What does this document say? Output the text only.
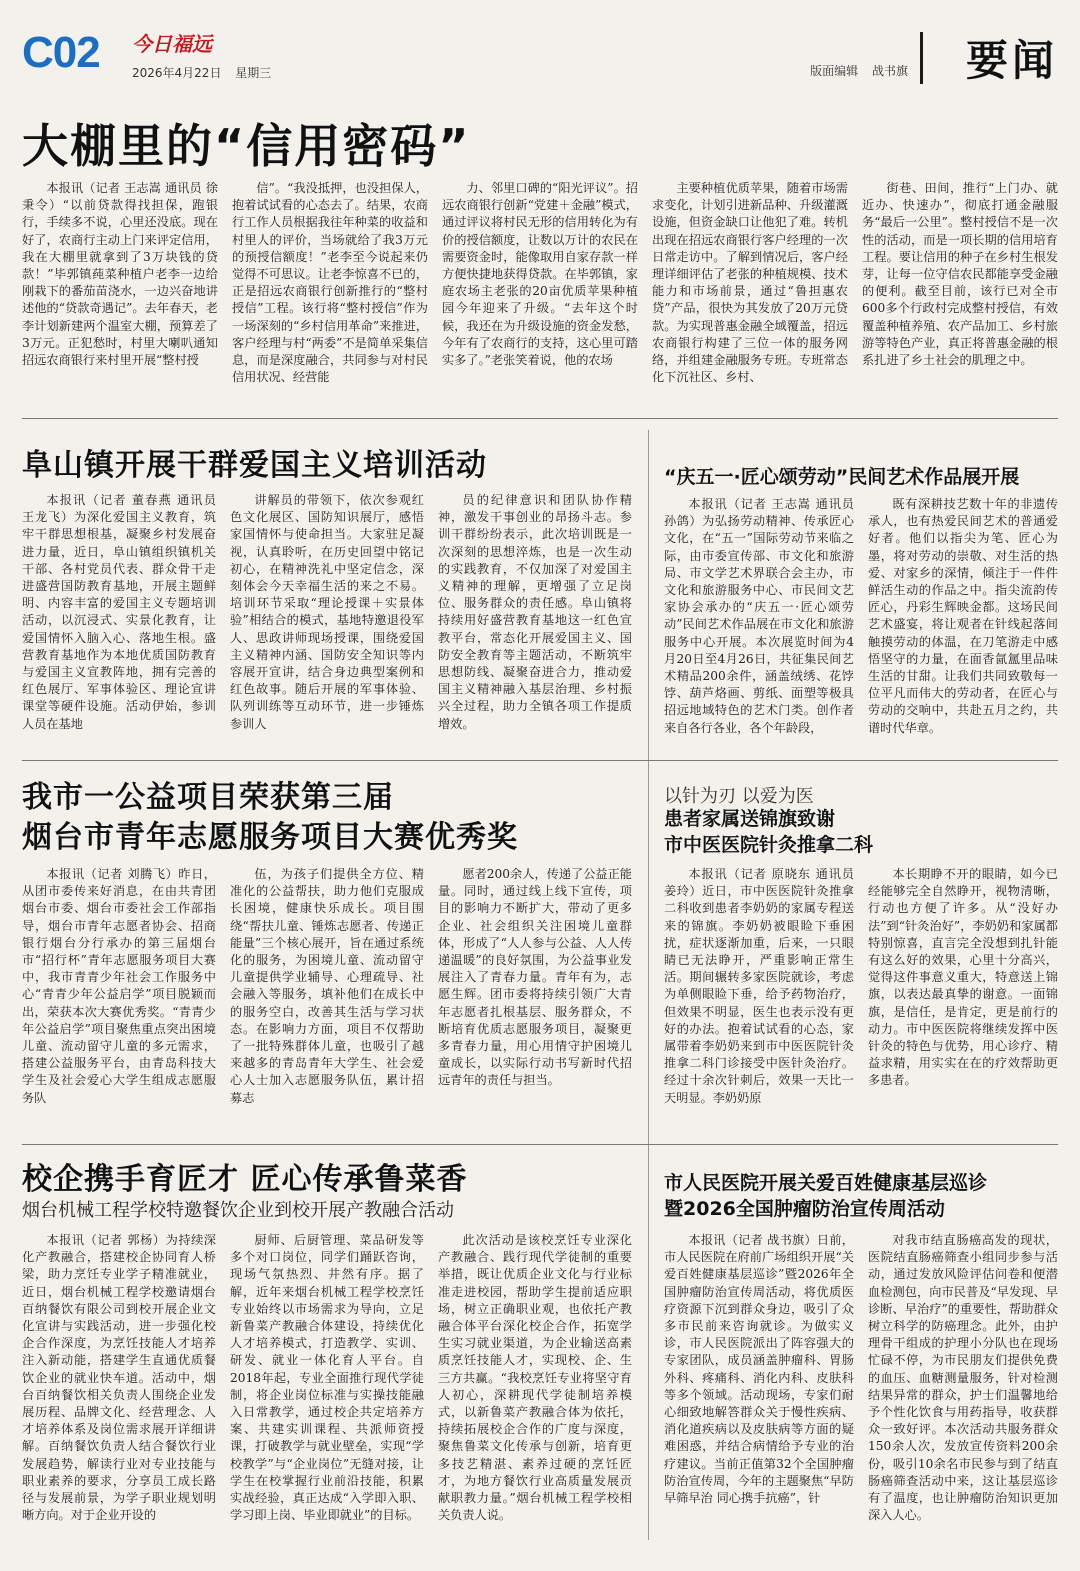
C02 今日福远
2026年4月22日 星期三	版面编辑 战书旗 要闻
大棚里的“信用密码”

本报讯（记者 王志嵩 通讯员 徐秉令）“以前贷款得找担保，跑银行，手续多不说，心里还没底。现在好了，农商行主动上门来评定信用，我在大棚里就拿到了3万块钱的贷款！”毕郭镇莼菜种植户老李一边给刚栽下的番茄苗浇水，一边兴奋地讲述他的“贷款奇遇记”。去年春天，老李计划新建两个温室大棚，预算差了3万元。正犯愁时，村里大喇叭通知招远农商银行来村里开展“整村授

信”。“我没抵押，也没担保人，抱着试试看的心态去了。结果，农商行工作人员根据我往年种菜的收益和村里人的评价，当场就给了我3万元的预授信额度！”老李至今说起来仍觉得不可思议。让老李惊喜不已的，正是招远农商银行创新推行的“整村授信”工程。该行将“整村授信”作为一场深刻的“乡村信用革命”来推进，客户经理与村“两委”不是简单采集信息，而是深度融合，共同参与对村民信用状况、经营能

力、邻里口碑的“阳光评议”。招远农商银行创新“党建＋金融”模式，通过评议将村民无形的信用转化为有价的授信额度，让数以万计的农民在需要资金时，能像取用自家存款一样方便快捷地获得贷款。在毕郭镇，家庭农场主老张的20亩优质苹果种植园今年迎来了升级。“去年这个时候，我还在为升级设施的资金发愁，今年有了农商行的支持，这心里可踏实多了。”老张笑着说，他的农场

主要种植优质苹果，随着市场需求变化，计划引进新品种、升级灌溉设施，但资金缺口让他犯了难。转机出现在招远农商银行客户经理的一次日常走访中。了解到情况后，客户经理详细评估了老张的种植规模、技术能力和市场前景，通过“鲁担惠农贷”产品，很快为其发放了20万元贷款。为实现普惠金融全域覆盖，招远农商银行构建了三位一体的服务网络，并组建金融服务专班。专班常态化下沉社区、乡村、

街巷、田间，推行“上门办、就近办、快速办”，彻底打通金融服务“最后一公里”。整村授信不是一次性的活动，而是一项长期的信用培育工程。要让信用的种子在乡村生根发芽，让每一位守信农民都能享受金融的便利。截至目前，该行已对全市600多个行政村完成整村授信，有效覆盖种植养殖、农产品加工、乡村旅游等特色产业，真正将普惠金融的根系扎进了乡土社会的肌理之中。

阜山镇开展干群爱国主义培训活动

本报讯（记者 董春燕 通讯员 王龙飞）为深化爱国主义教育，筑牢干群思想根基，凝聚乡村发展奋进力量，近日，阜山镇组织镇机关干部、各村党员代表、群众骨干走进盛营国防教育基地，开展主题鲜明、内容丰富的爱国主义专题培训活动，以沉浸式、实景化教育，让爱国情怀入脑入心、落地生根。盛营教育基地作为本地优质国防教育与爱国主义宣教阵地，拥有完善的红色展厅、军事体验区、理论宣讲课堂等硬件设施。活动伊始，参训人员在基地

讲解员的带领下，依次参观红色文化展区、国防知识展厅，感悟家国情怀与使命担当。大家驻足凝视，认真聆听，在历史回望中铭记初心，在精神洗礼中坚定信念，深刻体会今天幸福生活的来之不易。培训环节采取“理论授课＋实景体验”相结合的模式，基地特邀退役军人、思政讲师现场授课，围绕爱国主义精神内涵、国防安全知识等内容展开宣讲，结合身边典型案例和红色故事。随后开展的军事体验、队列训练等互动环节，进一步锤炼参训人

员的纪律意识和团队协作精神，激发干事创业的昂扬斗志。参训干群纷纷表示，此次培训既是一次深刻的思想淬炼，也是一次生动的实践教育，不仅加深了对爱国主义精神的理解，更增强了立足岗位、服务群众的责任感。阜山镇将持续用好盛营教育基地这一红色宣教平台，常态化开展爱国主义、国防安全教育等主题活动，不断筑牢思想防线、凝聚奋进合力，推动爱国主义精神融入基层治理、乡村振兴全过程，助力全镇各项工作提质增效。

“庆五一·匠心颂劳动”民间艺术作品展开展

本报讯（记者 王志嵩 通讯员 孙鸽）为弘扬劳动精神、传承匠心文化，在“五一”国际劳动节来临之际，由市委宣传部、市文化和旅游局、市文学艺术界联合会主办，市文化和旅游服务中心、市民间文艺家协会承办的“庆五一·匠心颂劳动”民间艺术作品展在市文化和旅游服务中心开展。本次展览时间为4月20日至4月26日，共征集民间艺术精品200余件，涵盖绒绣、花饽饽、葫芦烙画、剪纸、面塑等极具招远地域特色的艺术门类。创作者来自各行各业，各个年龄段，

既有深耕技艺数十年的非遗传承人，也有热爱民间艺术的普通爱好者。他们以指尖为笔、匠心为墨，将对劳动的崇敬、对生活的热爱、对家乡的深情，倾注于一件件鲜活生动的作品之中。指尖流韵传匠心，丹彩生辉映金都。这场民间艺术盛宴，将让观者在针线起落间触摸劳动的体温，在刀笔游走中感悟坚守的力量，在面香氤氲里品味生活的甘甜。让我们共同致敬每一位平凡而伟大的劳动者，在匠心与劳动的交响中，共赴五月之约，共谱时代华章。

我市一公益项目荣获第三届
烟台市青年志愿服务项目大赛优秀奖

本报讯（记者 刘腾飞）昨日，从团市委传来好消息，在由共青团烟台市委、烟台市委社会工作部指导，烟台市青年志愿者协会、招商银行烟台分行承办的第三届烟台市“招行杯”青年志愿服务项目大赛中，我市青青少年社会工作服务中心“青青少年公益启学”项目脱颖而出，荣获本次大赛优秀奖。“青青少年公益启学”项目聚焦重点突出困境儿童、流动留守儿童的多元需求，搭建公益服务平台，由青岛科技大学生及社会爱心大学生组成志愿服务队

伍，为孩子们提供全方位、精准化的公益帮扶，助力他们克服成长困境，健康快乐成长。项目围绕“帮扶儿童、锤炼志愿者、传递正能量”三个核心展开，旨在通过系统化的服务，为困境儿童、流动留守儿童提供学业辅导、心理疏导、社会融入等服务，填补他们在成长中的服务空白，改善其生活与学习状态。在影响力方面，项目不仅帮助了一批特殊群体儿童，也吸引了越来越多的青岛青年大学生、社会爱心人士加入志愿服务队伍，累计招募志

愿者200余人，传递了公益正能量。同时，通过线上线下宣传，项目的影响力不断扩大，带动了更多企业、社会组织关注困境儿童群体，形成了“人人参与公益、人人传递温暖”的良好氛围，为公益事业发展注入了青春力量。青年有为，志愿生辉。团市委将持续引领广大青年志愿者扎根基层、服务群众，不断培育优质志愿服务项目，凝聚更多青春力量，用心用情守护困境儿童成长，以实际行动书写新时代招远青年的责任与担当。

以针为刃 以爱为医
患者家属送锦旗致谢
市中医医院针灸推拿二科

本报讯（记者 原晓东 通讯员 姜玲）近日，市中医医院针灸推拿二科收到患者李奶奶的家属专程送来的锦旗。李奶奶被眼睑下垂困扰，症状逐渐加重，后来，一只眼睛已无法睁开，严重影响正常生活。期间辗转多家医院就诊，考虑为单侧眼睑下垂，给予药物治疗，但效果不明显，医生也表示没有更好的办法。抱着试试看的心态，家属带着李奶奶来到市中医医院针灸推拿二科门诊接受中医针灸治疗。经过十余次针刺后，效果一天比一天明显。李奶奶原

本长期睁不开的眼睛，如今已经能够完全自然睁开，视物清晰，行动也方便了许多。从“没好办法”到“针灸治好”，李奶奶和家属都特别惊喜，直言完全没想到扎针能有这么好的效果，心里十分高兴，觉得这件事意义重大，特意送上锦旗，以表达最真挚的谢意。一面锦旗，是信任，是肯定，更是前行的动力。市中医医院将继续发挥中医针灸的特色与优势，用心诊疗、精益求精，用实实在在的疗效帮助更多患者。

校企携手育匠才 匠心传承鲁菜香
烟台机械工程学校特邀餐饮企业到校开展产教融合活动

本报讯（记者 郭杨）为持续深化产教融合，搭建校企协同育人桥梁，助力烹饪专业学子精准就业，近日，烟台机械工程学校邀请烟台百纳餐饮有限公司到校开展企业文化宣讲与实践活动，进一步强化校企合作深度，为烹饪技能人才培养注入新动能，搭建学生直通优质餐饮企业的就业快车道。活动中，烟台百纳餐饮相关负责人围绕企业发展历程、品牌文化、经营理念、人才培养体系及岗位需求展开详细讲解。百纳餐饮负责人结合餐饮行业发展趋势，解读行业对专业技能与职业素养的要求，分享员工成长路径与发展前景，为学子职业规划明晰方向。对于企业开设的

厨师、后厨管理、菜品研发等多个对口岗位，同学们踊跃咨询，现场气氛热烈、井然有序。据了解，近年来烟台机械工程学校烹饪专业始终以市场需求为导向，立足新鲁菜产教融合体建设，持续优化人才培养模式，打造教学、实训、研发、就业一体化育人平台。自2018年起，专业全面推行现代学徒制，将企业岗位标准与实操技能融入日常教学，通过校企共定培养方案、共建实训课程、共派师资授课，打破教学与就业壁垒，实现“学校教学”与“企业岗位”无缝对接，让学生在校掌握行业前沿技能，积累实战经验，真正达成“入学即入职、学习即上岗、毕业即就业”的目标。

此次活动是该校烹饪专业深化产教融合、践行现代学徒制的重要举措，既让优质企业文化与行业标准走进校园，帮助学生提前适应职场，树立正确职业观，也依托产教融合体平台深化校企合作，拓宽学生实习就业渠道，为企业输送高素质烹饪技能人才，实现校、企、生三方共赢。“我校烹饪专业将坚守育人初心，深耕现代学徒制培养模式，以新鲁菜产教融合体为依托，持续拓展校企合作的广度与深度，聚焦鲁菜文化传承与创新，培育更多技艺精湛、素养过硬的烹饪匠才，为地方餐饮行业高质量发展贡献职教力量。”烟台机械工程学校相关负责人说。

市人民医院开展关爱百姓健康基层巡诊
暨2026全国肿瘤防治宣传周活动

本报讯（记者 战书旗）日前，市人民医院在府前广场组织开展“关爱百姓健康基层巡诊”暨2026年全国肿瘤防治宣传周活动，将优质医疗资源下沉到群众身边，吸引了众多市民前来咨询就诊。为做实义诊，市人民医院派出了阵容强大的专家团队，成员涵盖肿瘤科、胃肠外科、疼痛科、消化内科、皮肤科等多个领域。活动现场，专家们耐心细致地解答群众关于慢性疾病、消化道疾病以及皮肤病等方面的疑难困惑，并结合病情给予专业的治疗建议。当前正值第32个全国肿瘤防治宣传周，今年的主题聚焦“早防早筛早治 同心携手抗癌”，针

对我市结直肠癌高发的现状，医院结直肠癌筛查小组同步参与活动，通过发放风险评估问卷和便潜血检测包，向市民普及“早发现、早诊断、早治疗”的重要性，帮助群众树立科学的防癌理念。此外，由护理骨干组成的护理小分队也在现场忙碌不停，为市民朋友们提供免费的血压、血糖测量服务，针对检测结果异常的群众，护士们温馨地给予个性化饮食与用药指导，收获群众一致好评。本次活动共服务群众150余人次，发放宣传资料200余份，吸引10余名市民参与到了结直肠癌筛查活动中来，这让基层巡诊有了温度，也让肿瘤防治知识更加深入人心。
